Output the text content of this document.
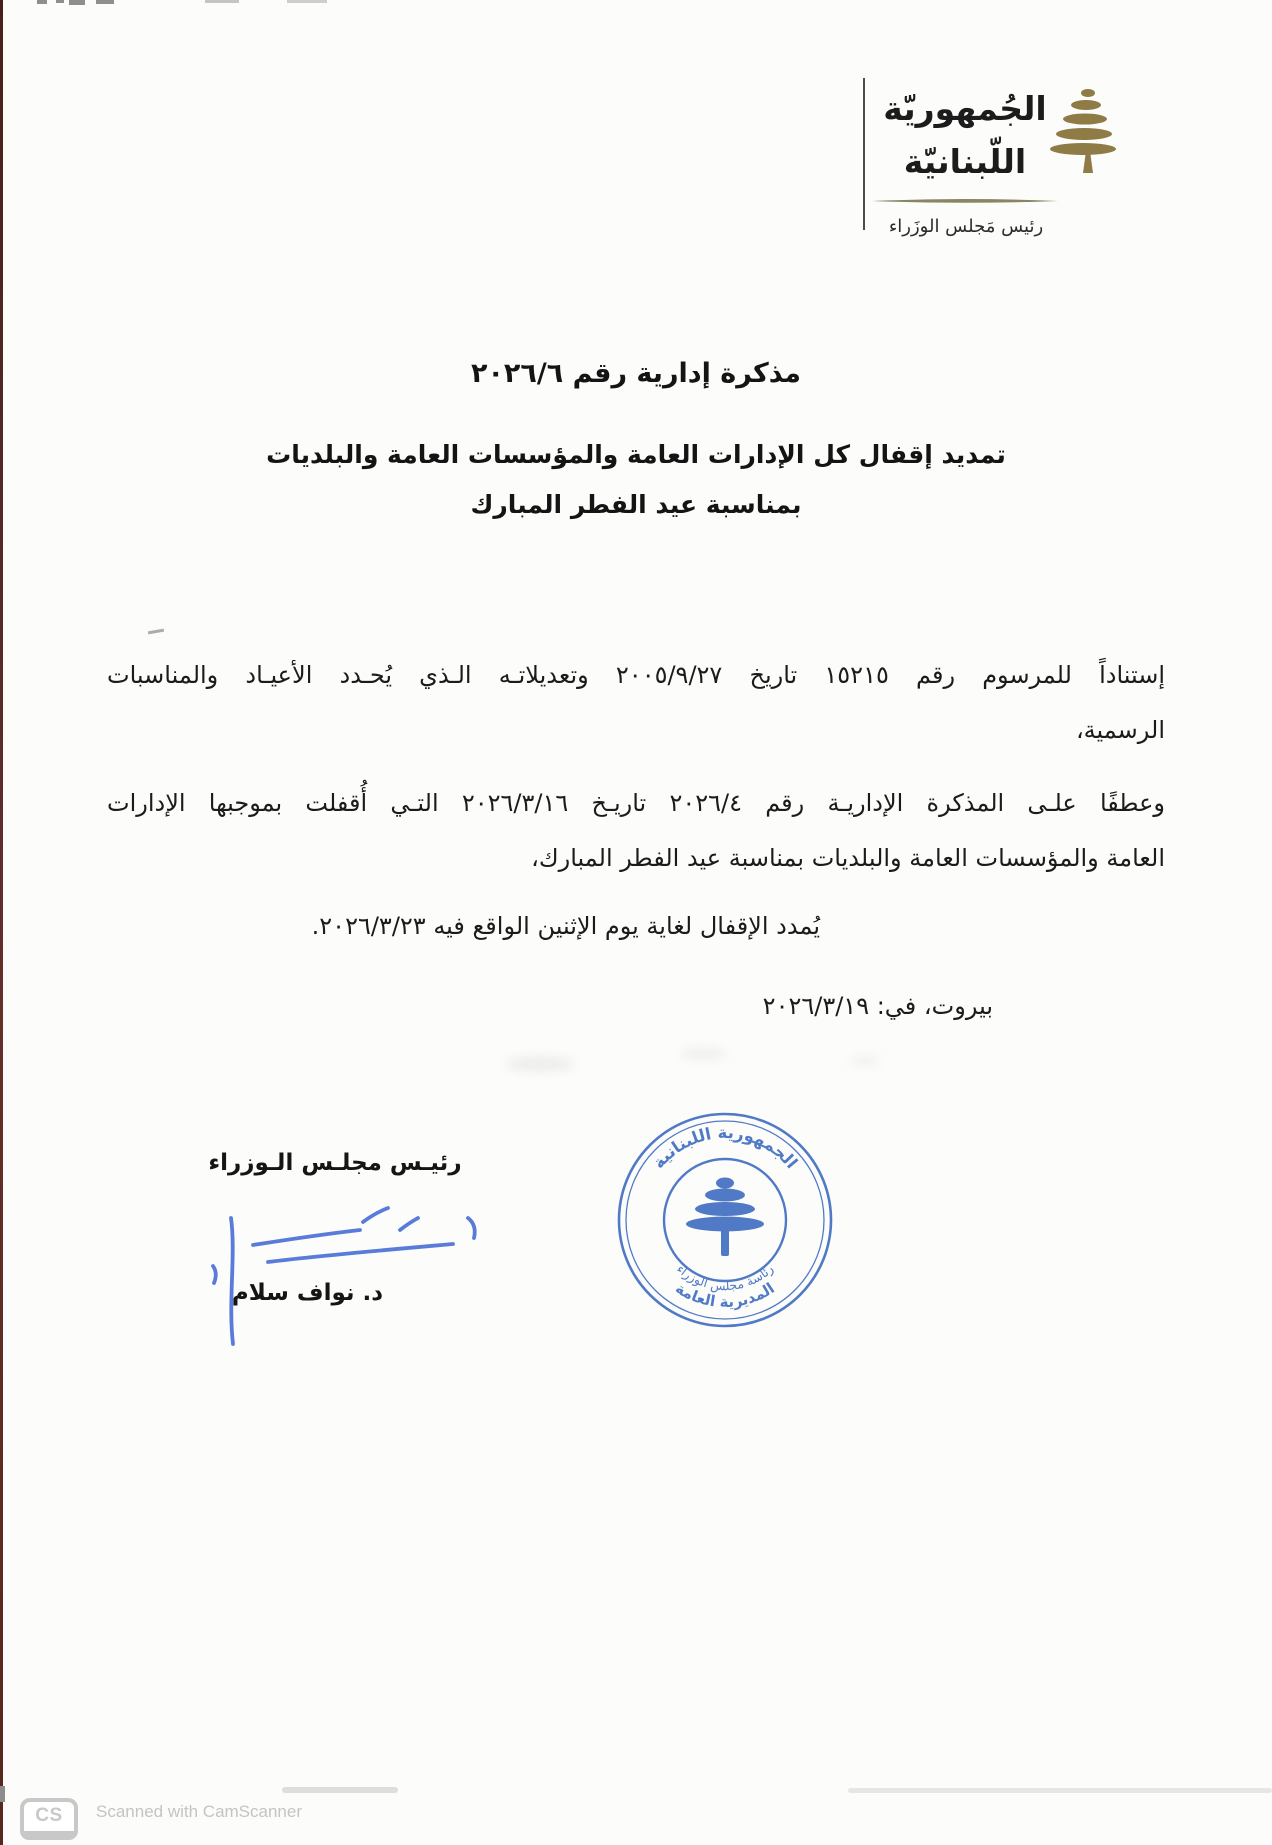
الجُمهوريّة
اللّبنانيّة
رئيس مَجلس الوزَراء
مذكرة إدارية رقم ٢٠٢٦/٦
تمديد إقفال كل الإدارات العامة والمؤسسات العامة والبلديات
بمناسبة عيد الفطر المبارك
إستناداً للمرسوم رقم ١٥٢١٥ تاريخ ٢٠٠٥/٩/٢٧ وتعديلاتـه الـذي يُحـدد الأعيـاد والمناسبات
الرسمية،
وعطفًا علـى المذكرة الإداريـة رقم ٢٠٢٦/٤ تاريـخ ٢٠٢٦/٣/١٦ التـي أُقفلت بموجبها الإدارات
العامة والمؤسسات العامة والبلديات بمناسبة عيد الفطر المبارك،
يُمدد الإقفال لغاية يوم الإثنين الواقع فيه ٢٠٢٦/٣/٢٣.
بيروت، في: ٢٠٢٦/٣/١٩
الجمهورية اللبنانية
رئاسة مجلس الوزراء
المديرية العامة
رئيـس مجلـس الـوزراء
د. نواف سلام
CS	Scanned with CamScanner
